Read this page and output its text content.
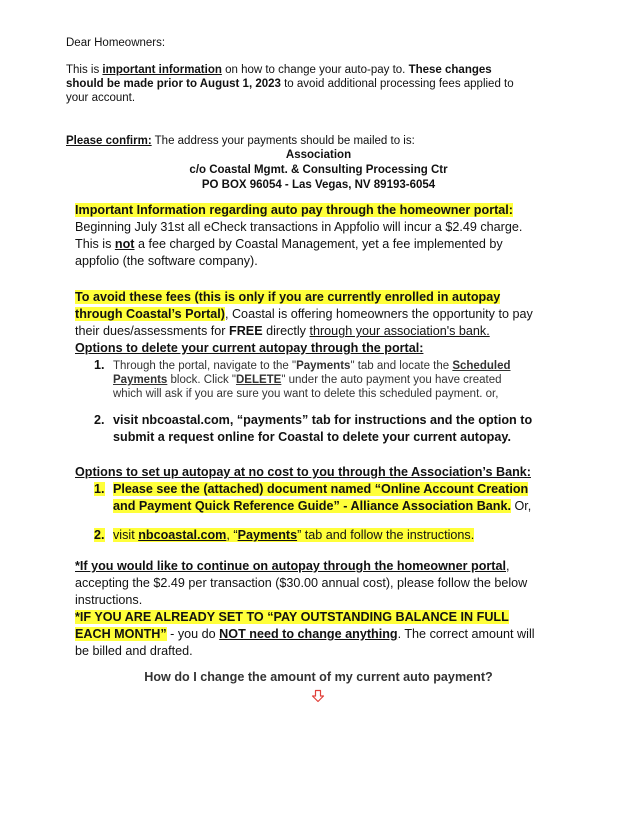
Dear Homeowners:
This is important information on how to change your auto-pay to. These changes
should be made prior to August 1, 2023 to avoid additional processing fees applied to
your account.
Please confirm: The address your payments should be mailed to is:
Association
c/o Coastal Mgmt. & Consulting Processing Ctr
PO BOX 96054 - Las Vegas, NV 89193-6054
Important Information regarding auto pay through the homeowner portal:
Beginning July 31st all eCheck transactions in Appfolio will incur a $2.49 charge.
This is not a fee charged by Coastal Management, yet a fee implemented by
appfolio (the software company).
To avoid these fees (this is only if you are currently enrolled in autopay
through Coastal’s Portal), Coastal is offering homeowners the opportunity to pay
their dues/assessments for FREE directly through your association's bank.
Options to delete your current autopay through the portal:
1. Through the portal, navigate to the "Payments" tab and locate the Scheduled
Payments block. Click "DELETE" under the auto payment you have created
which will ask if you are sure you want to delete this scheduled payment. or,
2. visit nbcoastal.com, “payments” tab for instructions and the option to
submit a request online for Coastal to delete your current autopay.
Options to set up autopay at no cost to you through the Association’s Bank:
1. Please see the (attached) document named “Online Account Creation
and Payment Quick Reference Guide” - Alliance Association Bank. Or,
2. visit nbcoastal.com, “Payments” tab and follow the instructions.
*If you would like to continue on autopay through the homeowner portal,
accepting the $2.49 per transaction ($30.00 annual cost), please follow the below
instructions.
*IF YOU ARE ALREADY SET TO “PAY OUTSTANDING BALANCE IN FULL
EACH MONTH” - you do NOT need to change anything. The correct amount will
be billed and drafted.
How do I change the amount of my current auto payment?
